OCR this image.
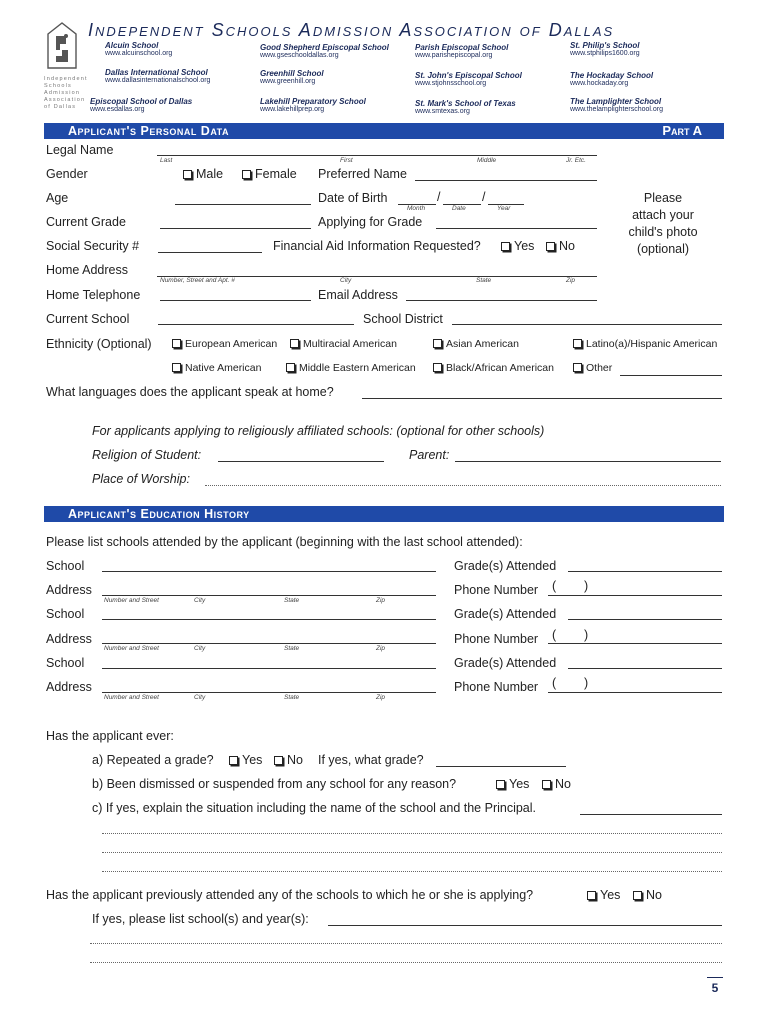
Independent Schools Admission Association of Dallas
Independent Schools Admission Association of Dallas
Alcuin School
www.alcuinschool.org
Good Shepherd Episcopal School
www.gseschooldallas.org
Parish Episcopal School
www.parishepiscopal.org
St. Philip's School
www.stphilips1600.org
Dallas International School
www.dallasinternationalschool.org
Greenhill School
www.greenhill.org
St. John's Episcopal School
www.stjohnsschool.org
The Hockaday School
www.hockaday.org
Episcopal School of Dallas
www.esdallas.org
Lakehill Preparatory School
www.lakehillprep.org
St. Mark's School of Texas
www.smtexas.org
The Lamplighter School
www.thelamplighterschool.org
Applicant's Personal Data	Part A
Legal Name
Last	First	Middle	Jr. Etc.
Gender	Male	Female Preferred Name
Age	Date of Birth	/	/
Month	Date	Year
Please
attach your
child's photo
(optional)
Current Grade	Applying for Grade
Social Security #	Financial Aid Information Requested?	Yes	No
Home Address
Number, Street and Apt. #	City	State	Zip
Home Telephone	Email Address
Current School	School District
Ethnicity (Optional)	European American	Multiracial American	Asian American	Latino(a)/Hispanic American
Native American	Middle Eastern American	Black/African American	Other
What languages does the applicant speak at home?
For applicants applying to religiously affiliated schools: (optional for other schools)
Religion of Student:	Parent:
Place of Worship:
Applicant's Education History
Please list schools attended by the applicant (beginning with the last school attended):
School	Grade(s) Attended
Address
Number and Street	City	State	Zip
Phone Number (        )
School	Grade(s) Attended
Address
Number and Street	City	State	Zip
Phone Number (        )
School	Grade(s) Attended
Address
Number and Street	City	State	Zip
Phone Number (        )
Has the applicant ever:
a) Repeated a grade?	Yes	No If yes, what grade?
b) Been dismissed or suspended from any school for any reason?	Yes	No
c) If yes, explain the situation including the name of the school and the Principal.
Has the applicant previously attended any of the schools to which he or she is applying?	Yes	No
If yes, please list school(s) and year(s):
5
